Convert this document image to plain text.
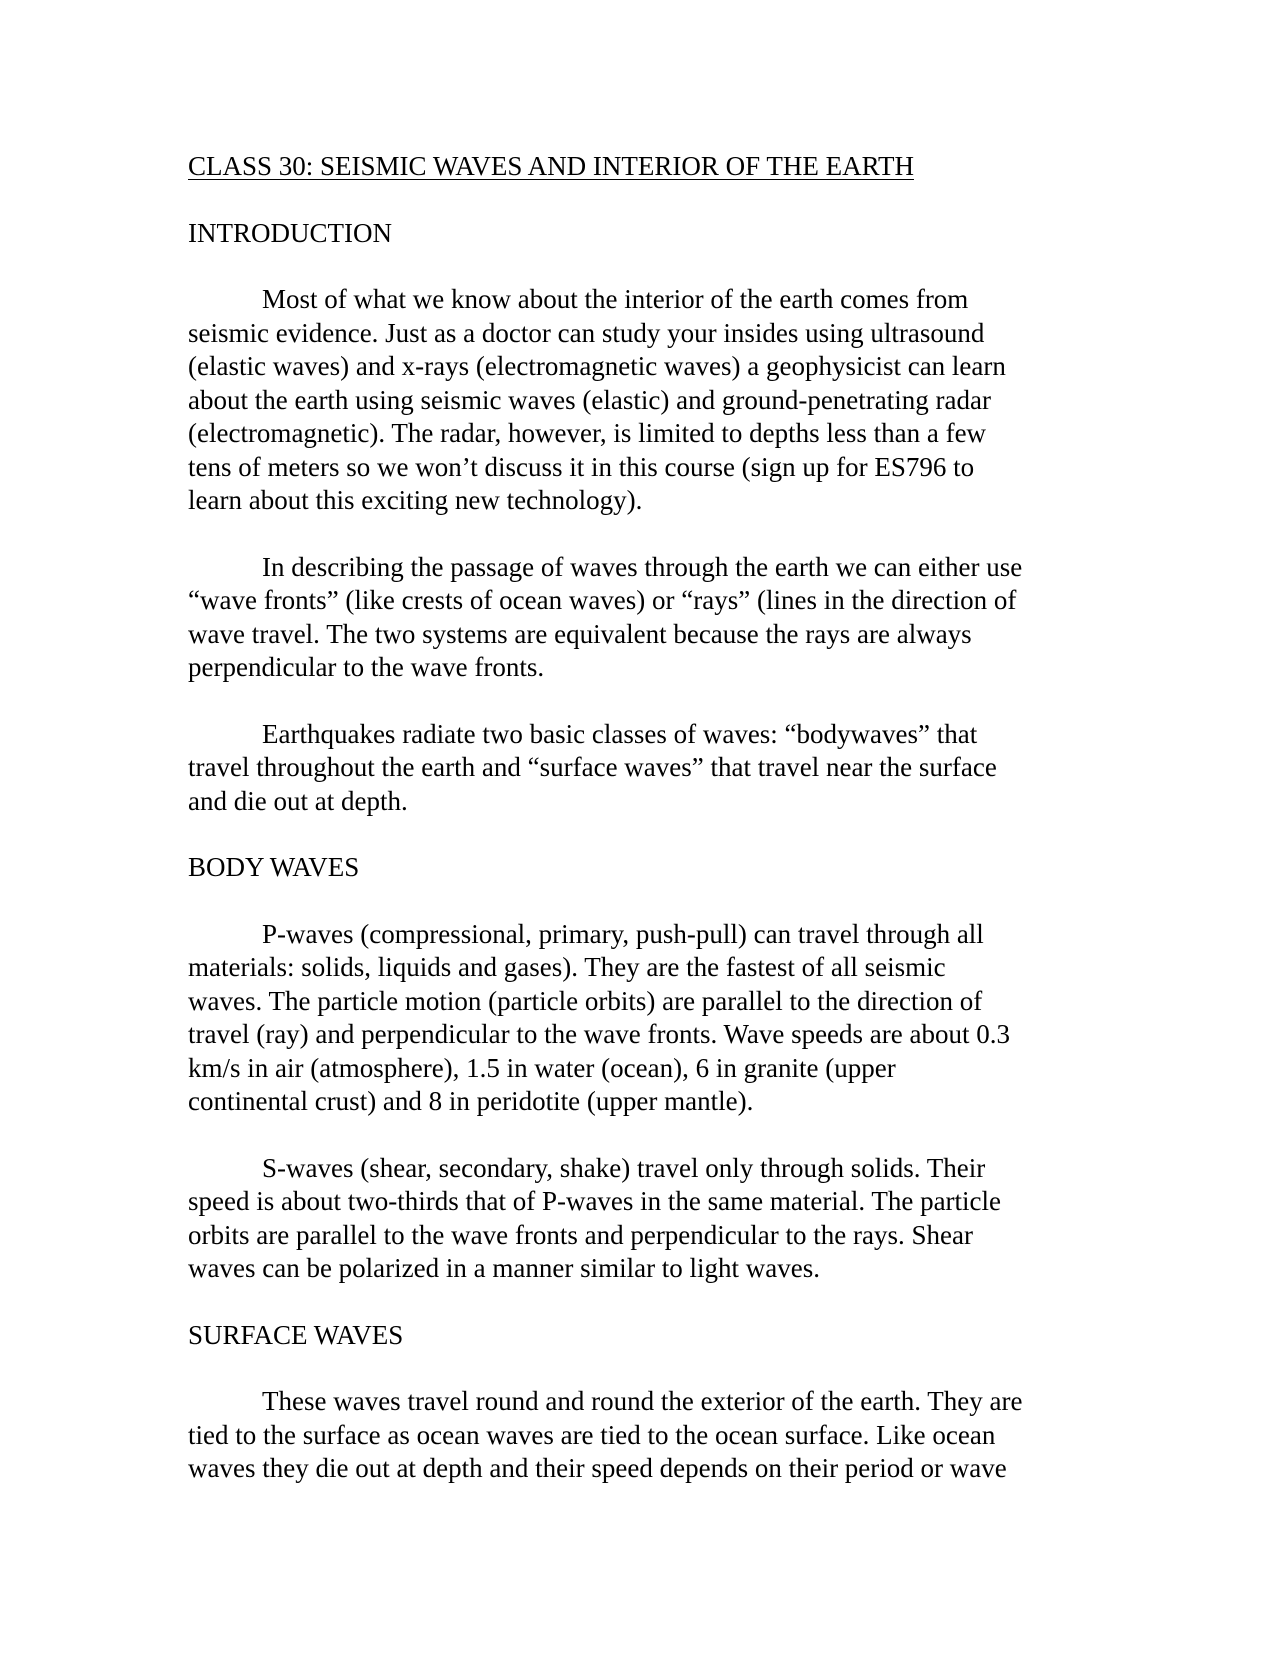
CLASS 30: SEISMIC WAVES AND INTERIOR OF THE EARTH
INTRODUCTION
Most of what we know about the interior of the earth comes from
seismic evidence. Just as a doctor can study your insides using ultrasound
(elastic waves) and x-rays (electromagnetic waves) a geophysicist can learn
about the earth using seismic waves (elastic) and ground-penetrating radar
(electromagnetic). The radar, however, is limited to depths less than a few
tens of meters so we won’t discuss it in this course (sign up for ES796 to
learn about this exciting new technology).
In describing the passage of waves through the earth we can either use
“wave fronts” (like crests of ocean waves) or “rays” (lines in the direction of
wave travel. The two systems are equivalent because the rays are always
perpendicular to the wave fronts.
Earthquakes radiate two basic classes of waves: “bodywaves” that
travel throughout the earth and “surface waves” that travel near the surface
and die out at depth.
BODY WAVES
P-waves (compressional, primary, push-pull) can travel through all
materials: solids, liquids and gases). They are the fastest of all seismic
waves. The particle motion (particle orbits) are parallel to the direction of
travel (ray) and perpendicular to the wave fronts. Wave speeds are about 0.3
km/s in air (atmosphere), 1.5 in water (ocean), 6 in granite (upper
continental crust) and 8 in peridotite (upper mantle).
S-waves (shear, secondary, shake) travel only through solids. Their
speed is about two-thirds that of P-waves in the same material. The particle
orbits are parallel to the wave fronts and perpendicular to the rays. Shear
waves can be polarized in a manner similar to light waves.
SURFACE WAVES
These waves travel round and round the exterior of the earth. They are
tied to the surface as ocean waves are tied to the ocean surface. Like ocean
waves they die out at depth and their speed depends on their period or wave
